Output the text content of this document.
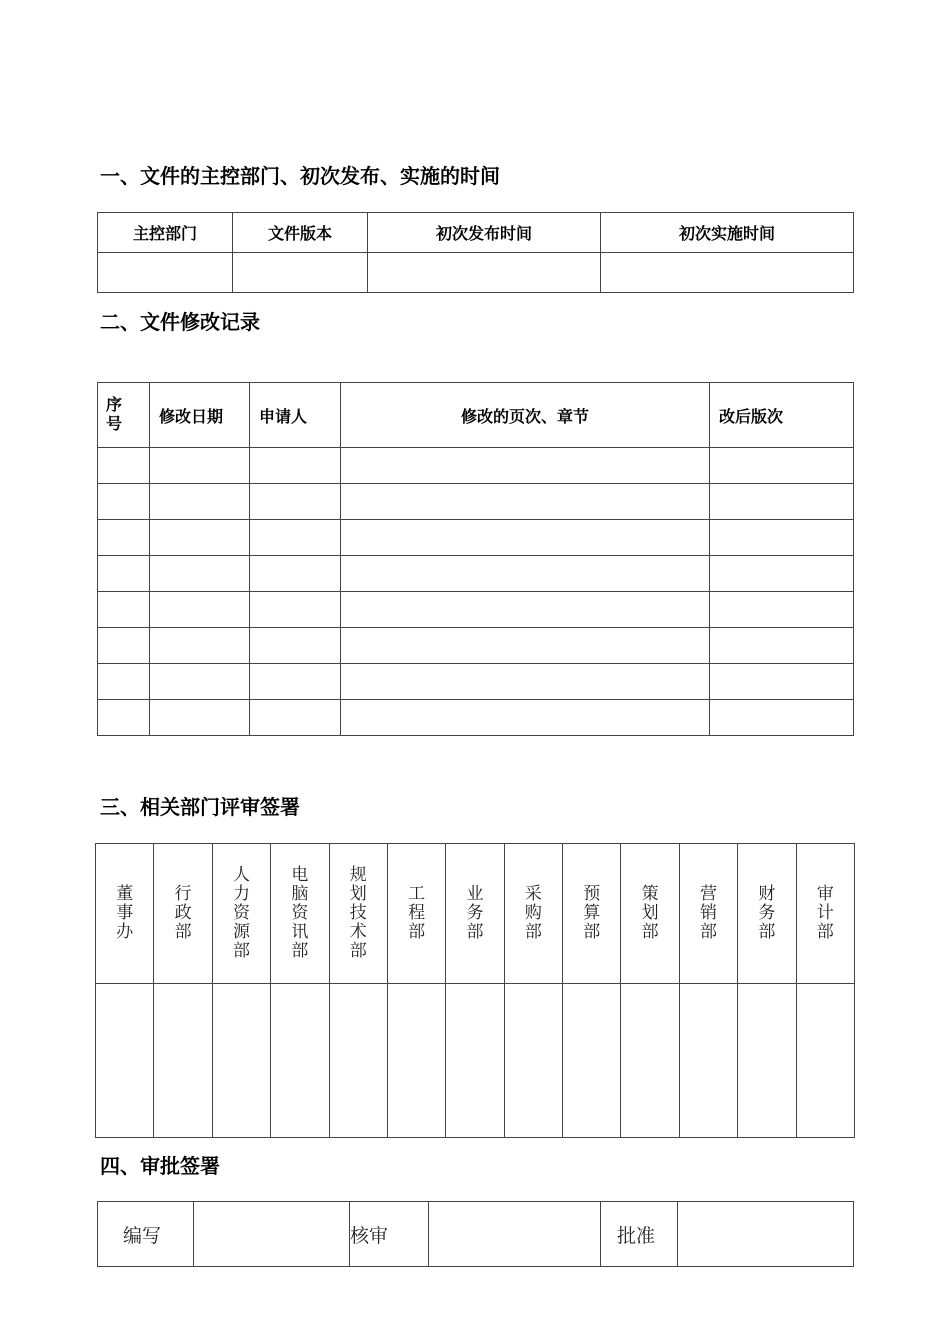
一、文件的主控部门、初次发布、实施的时间
主控部门	文件版本	初次发布时间	初次实施时间

二、文件修改记录
序号	修改日期	申请人	修改的页次、章节	改后版次

三、相关部门评审签署
董事办	行政部	人力资源部	电脑资讯部	规划技术部	工程部	业务部	采购部	预算部	策划部	营销部	财务部	审计部

四、审批签署
编写		核审		批准	
